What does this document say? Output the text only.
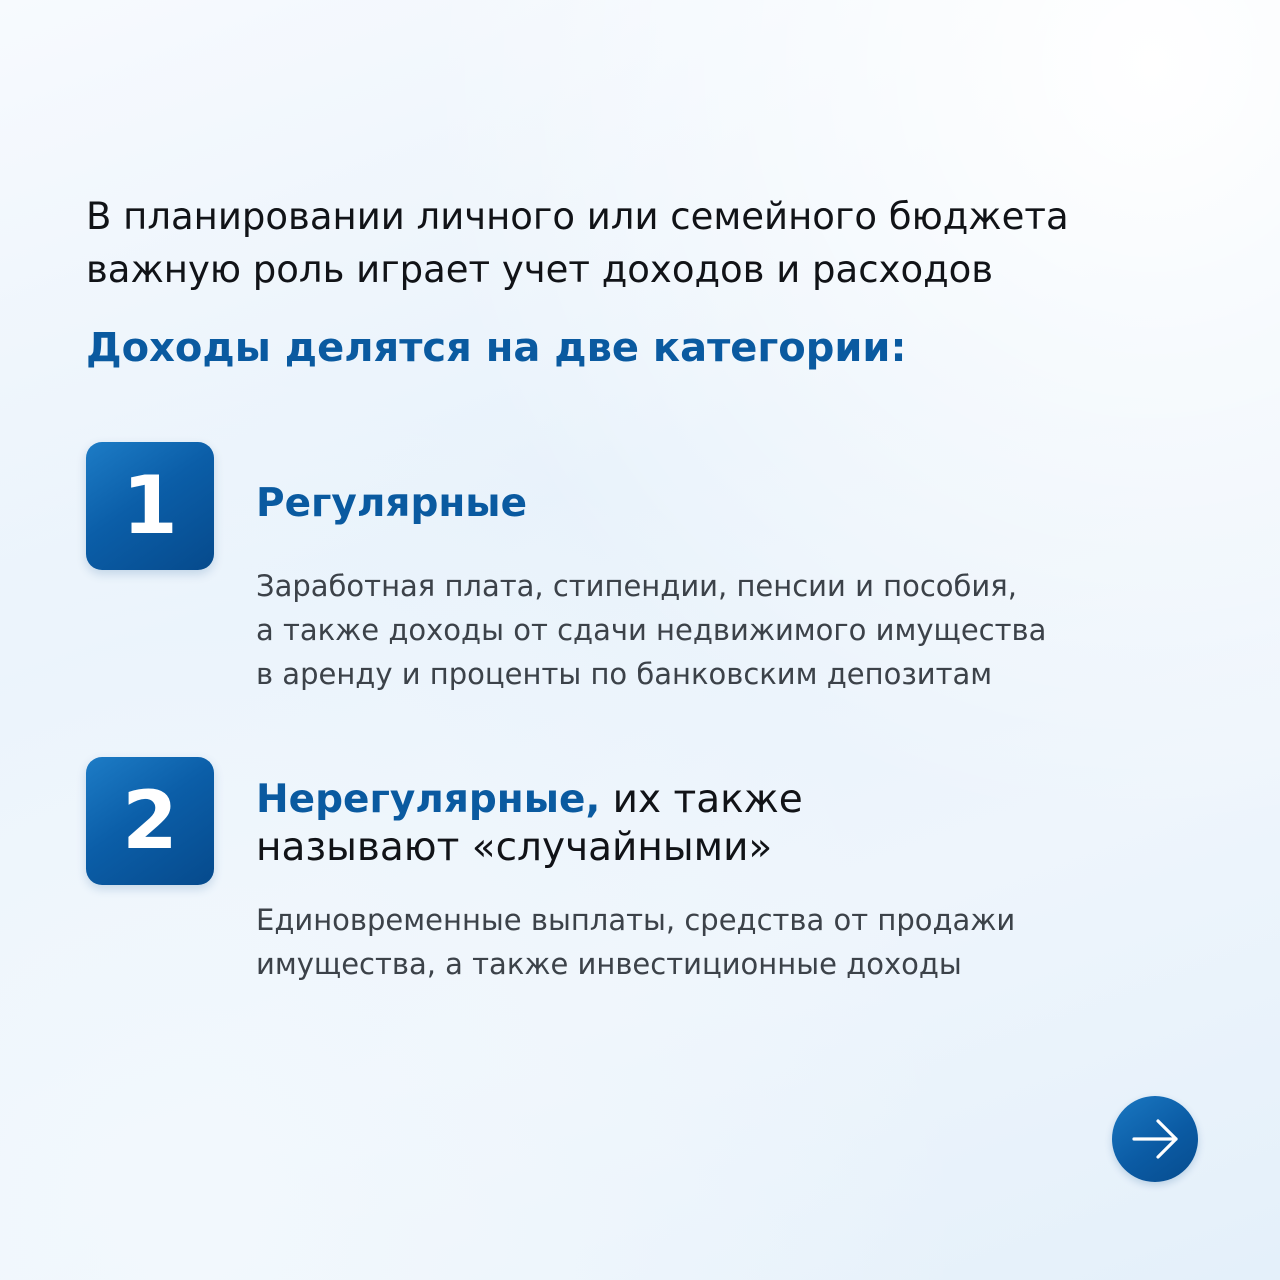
В планировании личного или семейного бюджета
важную роль играет учет доходов и расходов

Доходы делятся на две категории:
1	Регулярные

Заработная плата, стипендии, пенсии и пособия,
а также доходы от сдачи недвижимого имущества
в аренду и проценты по банковским депозитам

2	Нерегулярные, их также
называют «случайными»

Единовременные выплаты, средства от продажи
имущества, а также инвестиционные доходы
